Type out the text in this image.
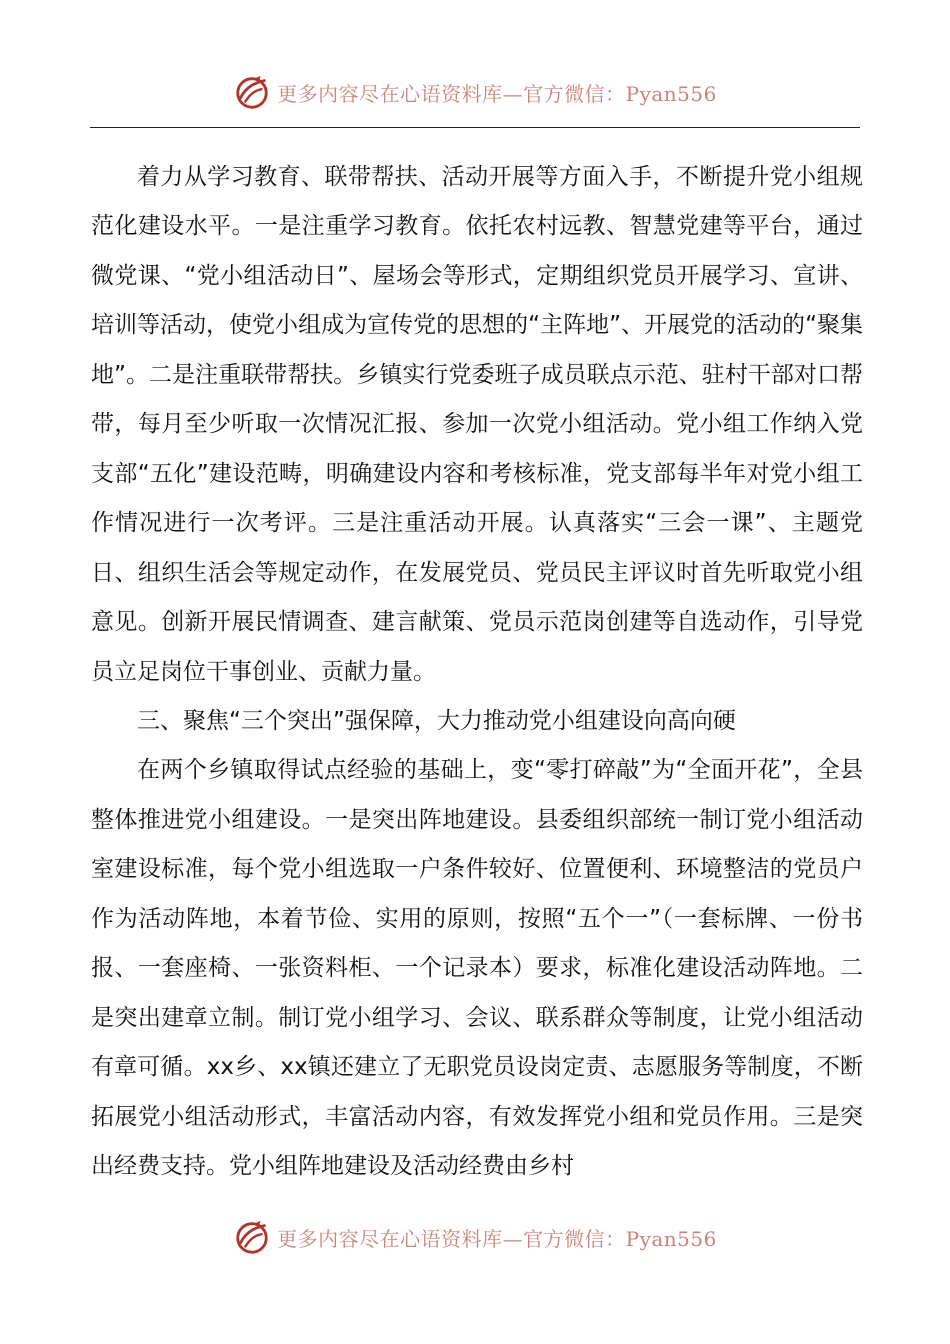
更多内容尽在心语资料库—官方微信：Pyan556

着力从学习教育、联带帮扶、活动开展等方面入手，不断提升党小组规范化建设水平。一是注重学习教育。依托农村远教、智慧党建等平台，通过微党课、“党小组活动日”、屋场会等形式，定期组织党员开展学习、宣讲、培训等活动，使党小组成为宣传党的思想的“主阵地”、开展党的活动的“聚集地”。二是注重联带帮扶。乡镇实行党委班子成员联点示范、驻村干部对口帮带，每月至少听取一次情况汇报、参加一次党小组活动。党小组工作纳入党支部“五化”建设范畴，明确建设内容和考核标准，党支部每半年对党小组工作情况进行一次考评。三是注重活动开展。认真落实“三会一课”、主题党日、组织生活会等规定动作，在发展党员、党员民主评议时首先听取党小组意见。创新开展民情调查、建言献策、党员示范岗创建等自选动作，引导党员立足岗位干事创业、贡献力量。

三、聚焦“三个突出”强保障，大力推动党小组建设向高向硬

在两个乡镇取得试点经验的基础上，变“零打碎敲”为“全面开花”，全县整体推进党小组建设。一是突出阵地建设。县委组织部统一制订党小组活动室建设标准，每个党小组选取一户条件较好、位置便利、环境整洁的党员户作为活动阵地，本着节俭、实用的原则，按照“五个一”（一套标牌、一份书报、一套座椅、一张资料柜、一个记录本）要求，标准化建设活动阵地。二是突出建章立制。制订党小组学习、会议、联系群众等制度，让党小组活动有章可循。xx乡、xx镇还建立了无职党员设岗定责、志愿服务等制度，不断拓展党小组活动形式，丰富活动内容，有效发挥党小组和党员作用。三是突出经费支持。党小组阵地建设及活动经费由乡村

更多内容尽在心语资料库—官方微信：Pyan556
